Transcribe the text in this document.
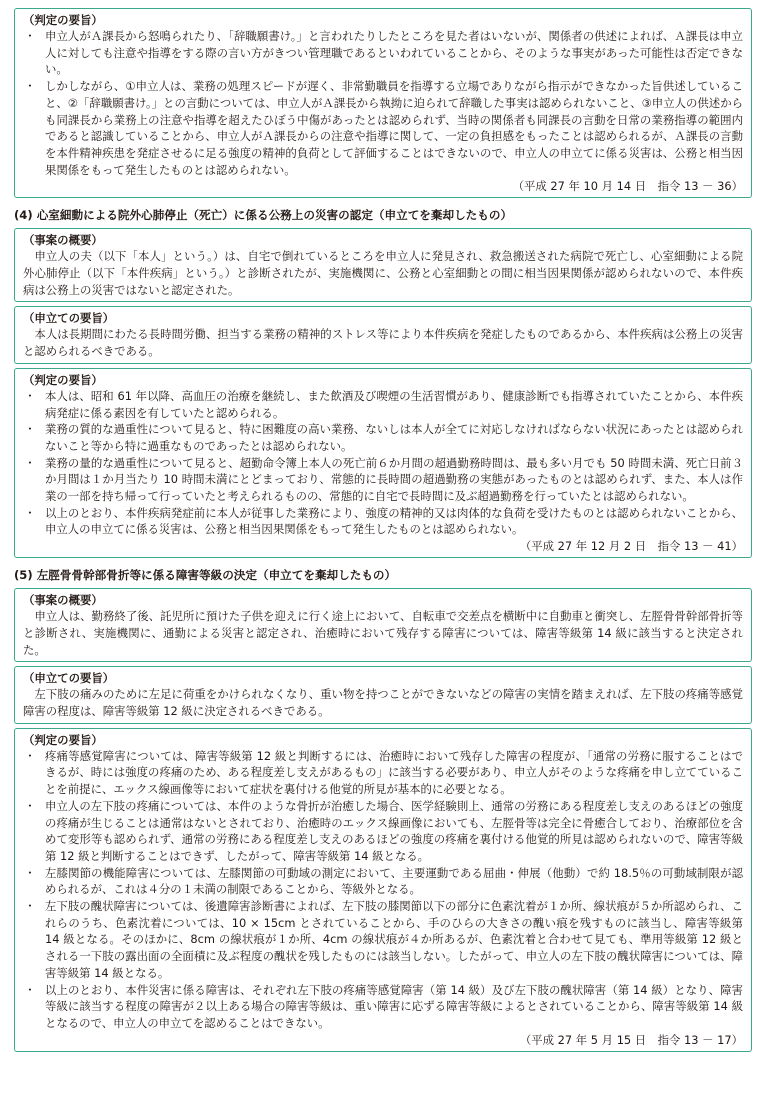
（判定の要旨）
・ 申立人がＡ課長から怒鳴られたり、「辞職願書け。」と言われたりしたところを見た者はいないが、関係者の供述によれば、Ａ課長は申立人に対しても注意や指導をする際の言い方がきつい管理職であるといわれていることから、そのような事実があった可能性は否定できない。
・ しかしながら、①申立人は、業務の処理スピードが遅く、非常勤職員を指導する立場でありながら指示ができなかった旨供述していること、②「辞職願書け。」との言動については、申立人がＡ課長から執拗に迫られて辞職した事実は認められないこと、③申立人の供述からも同課長から業務上の注意や指導を超えたひぼう中傷があったとは認められず、当時の関係者も同課長の言動を日常の業務指導の範囲内であると認識していることから、申立人がＡ課長からの注意や指導に関して、一定の負担感をもったことは認められるが、Ａ課長の言動を本件精神疾患を発症させるに足る強度の精神的負荷として評価することはできないので、申立人の申立てに係る災害は、公務と相当因果関係をもって発生したものとは認められない。
（平成 27 年 10 月 14 日　指令 13 － 36）
(4) 心室細動による院外心肺停止（死亡）に係る公務上の災害の認定（申立てを棄却したもの）
（事案の概要）
申立人の夫（以下「本人」という。）は、自宅で倒れているところを申立人に発見され、救急搬送された病院で死亡し、心室細動による院外心肺停止（以下「本件疾病」という。）と診断されたが、実施機関に、公務と心室細動との間に相当因果関係が認められないので、本件疾病は公務上の災害ではないと認定された。
（申立ての要旨）
本人は長期間にわたる長時間労働、担当する業務の精神的ストレス等により本件疾病を発症したものであるから、本件疾病は公務上の災害と認められるべきである。
（判定の要旨）
・ 本人は、昭和 61 年以降、高血圧の治療を継続し、また飲酒及び喫煙の生活習慣があり、健康診断でも指導されていたことから、本件疾病発症に係る素因を有していたと認められる。
・ 業務の質的な過重性について見ると、特に困難度の高い業務、ないしは本人が全てに対応しなければならない状況にあったとは認められないこと等から特に過重なものであったとは認められない。
・ 業務の量的な過重性について見ると、超勤命令簿上本人の死亡前６か月間の超過勤務時間は、最も多い月でも 50 時間未満、死亡日前３か月間は１か月当たり 10 時間未満にとどまっており、常態的に長時間の超過勤務の実態があったものとは認められず、また、本人は作業の一部を持ち帰って行っていたと考えられるものの、常態的に自宅で長時間に及ぶ超過勤務を行っていたとは認められない。
・ 以上のとおり、本件疾病発症前に本人が従事した業務により、強度の精神的又は肉体的な負荷を受けたものとは認められないことから、申立人の申立てに係る災害は、公務と相当因果関係をもって発生したものとは認められない。
（平成 27 年 12 月 2 日　指令 13 － 41）
(5) 左脛骨骨幹部骨折等に係る障害等級の決定（申立てを棄却したもの）
（事案の概要）
申立人は、勤務終了後、託児所に預けた子供を迎えに行く途上において、自転車で交差点を横断中に自動車と衝突し、左脛骨骨幹部骨折等と診断され、実施機関に、通勤による災害と認定され、治癒時において残存する障害については、障害等級第 14 級に該当すると決定された。
（申立ての要旨）
左下肢の痛みのために左足に荷重をかけられなくなり、重い物を持つことができないなどの障害の実情を踏まえれば、左下肢の疼痛等感覚障害の程度は、障害等級第 12 級に決定されるべきである。
（判定の要旨）
・ 疼痛等感覚障害については、障害等級第 12 級と判断するには、治癒時において残存した障害の程度が、「通常の労務に服することはできるが、時には強度の疼痛のため、ある程度差し支えがあるもの」に該当する必要があり、申立人がそのような疼痛を申し立てていることを前提に、エックス線画像等において症状を裏付ける他覚的所見が基本的に必要となる。
・ 申立人の左下肢の疼痛については、本件のような骨折が治癒した場合、医学経験則上、通常の労務にある程度差し支えのあるほどの強度の疼痛が生じることは通常はないとされており、治癒時のエックス線画像においても、左脛骨等は完全に骨癒合しており、治療部位を含めて変形等も認められず、通常の労務にある程度差し支えのあるほどの強度の疼痛を裏付ける他覚的所見は認められないので、障害等級第 12 級と判断することはできず、したがって、障害等級第 14 級となる。
・ 左膝関節の機能障害については、左膝関節の可動域の測定において、主要運動である屈曲・伸展（他動）で約 18.5％の可動域制限が認められるが、これは４分の１未満の制限であることから、等級外となる。
・ 左下肢の醜状障害については、後遺障害診断書によれば、左下肢の膝関節以下の部分に色素沈着が１か所、線状痕が５か所認められ、これらのうち、色素沈着については、10 × 15cm とされていることから、手のひらの大きさの醜い痕を残すものに該当し、障害等級第 14 級となる。そのほかに、8cm の線状痕が１か所、4cm の線状痕が４か所あるが、色素沈着と合わせて見ても、準用等級第 12 級とされる一下肢の露出面の全面積に及ぶ程度の醜状を残したものには該当しない。したがって、申立人の左下肢の醜状障害については、障害等級第 14 級となる。
・ 以上のとおり、本件災害に係る障害は、それぞれ左下肢の疼痛等感覚障害（第 14 級）及び左下肢の醜状障害（第 14 級）となり、障害等級に該当する程度の障害が２以上ある場合の障害等級は、重い障害に応ずる障害等級によるとされていることから、障害等級第 14 級となるので、申立人の申立てを認めることはできない。
（平成 27 年 5 月 15 日　指令 13 － 17）
